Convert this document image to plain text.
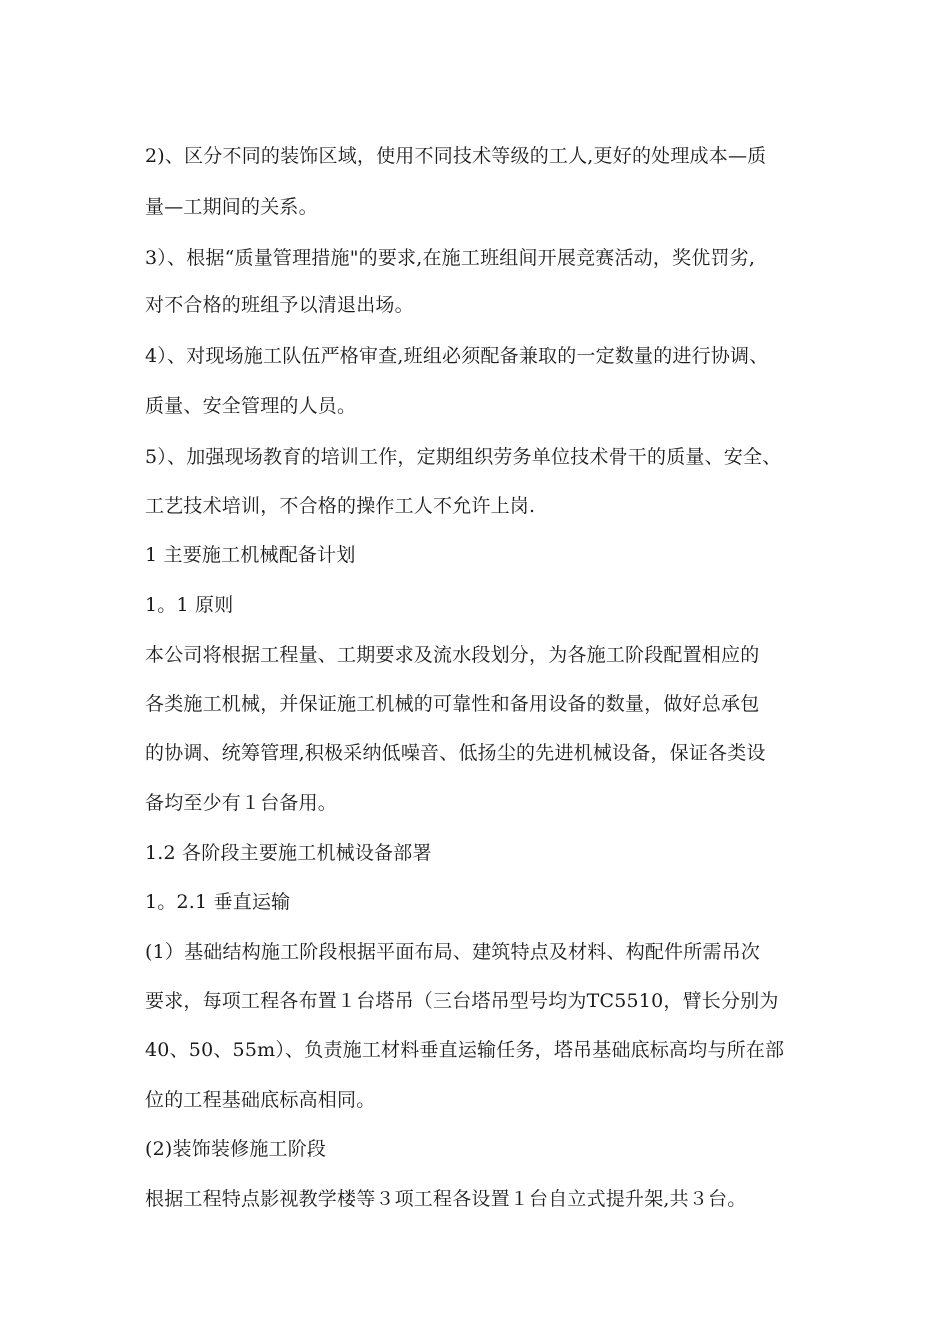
2)、区分不同的装饰区域，使用不同技术等级的工人,更好的处理成本—质
量—工期间的关系。
3）、根据“质量管理措施"的要求,在施工班组间开展竞赛活动，奖优罚劣,
对不合格的班组予以清退出场。
4）、对现场施工队伍严格审查,班组必须配备兼取的一定数量的进行协调、
质量、安全管理的人员。
5）、加强现场教育的培训工作，定期组织劳务单位技术骨干的质量、安全、
工艺技术培训，不合格的操作工人不允许上岗.
1 主要施工机械配备计划
1。1 原则
本公司将根据工程量、工期要求及流水段划分，为各施工阶段配置相应的
各类施工机械，并保证施工机械的可靠性和备用设备的数量，做好总承包
的协调、统筹管理,积极采纳低噪音、低扬尘的先进机械设备，保证各类设
备均至少有１台备用。
1.2 各阶段主要施工机械设备部署
1。2.1 垂直运输
(1）基础结构施工阶段根据平面布局、建筑特点及材料、构配件所需吊次
要求，每项工程各布置１台塔吊（三台塔吊型号均为TC5510，臂长分别为
40、50、55m）、负责施工材料垂直运输任务，塔吊基础底标高均与所在部
位的工程基础底标高相同。
(2)装饰装修施工阶段
根据工程特点影视教学楼等３项工程各设置１台自立式提升架,共３台。
